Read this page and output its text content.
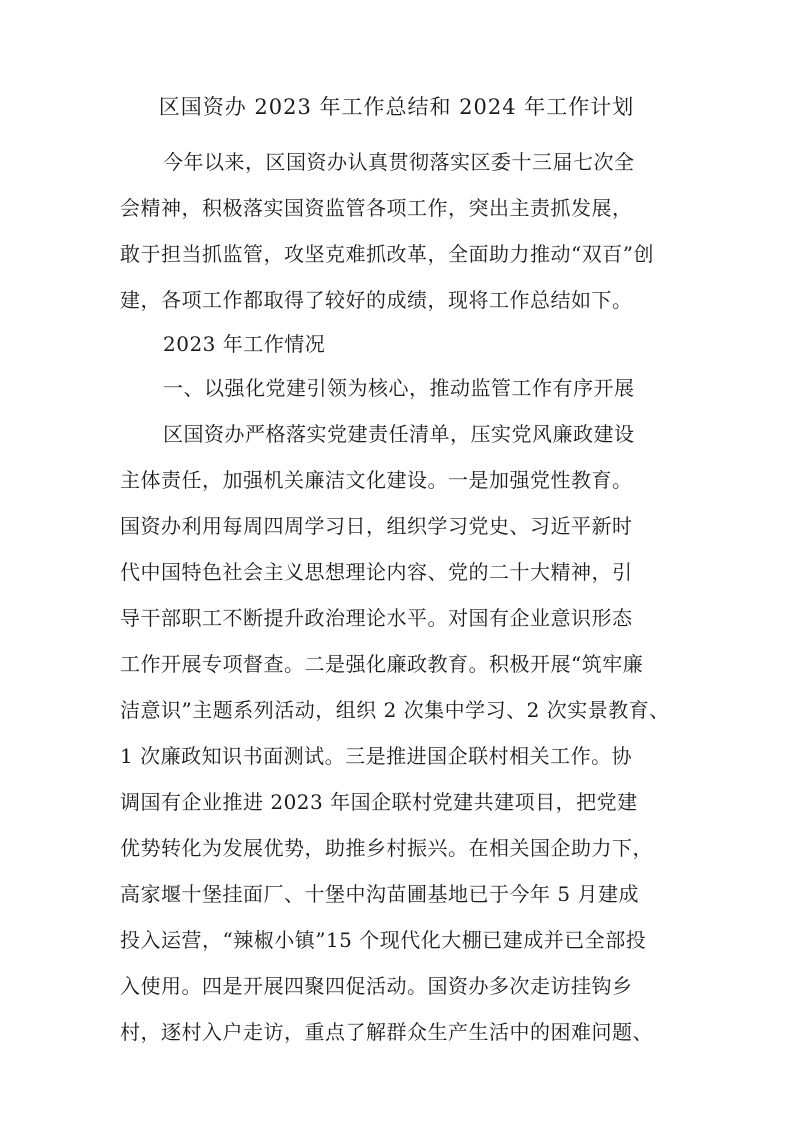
区国资办 2023 年工作总结和 2024 年工作计划
今年以来，区国资办认真贯彻落实区委十三届七次全
会精神，积极落实国资监管各项工作，突出主责抓发展，
敢于担当抓监管，攻坚克难抓改革，全面助力推动“双百”创
建，各项工作都取得了较好的成绩，现将工作总结如下。
2023 年工作情况
一、以强化党建引领为核心，推动监管工作有序开展
区国资办严格落实党建责任清单，压实党风廉政建设
主体责任，加强机关廉洁文化建设。一是加强党性教育。
国资办利用每周四周学习日，组织学习党史、习近平新时
代中国特色社会主义思想理论内容、党的二十大精神，引
导干部职工不断提升政治理论水平。对国有企业意识形态
工作开展专项督查。二是强化廉政教育。积极开展“筑牢廉
洁意识”主题系列活动，组织 2 次集中学习、2 次实景教育、
1 次廉政知识书面测试。三是推进国企联村相关工作。协
调国有企业推进 2023 年国企联村党建共建项目，把党建
优势转化为发展优势，助推乡村振兴。在相关国企助力下，
高家堰十堡挂面厂、十堡中沟苗圃基地已于今年 5 月建成
投入运营，“辣椒小镇”15 个现代化大棚已建成并已全部投
入使用。四是开展四聚四促活动。国资办多次走访挂钩乡
村，逐村入户走访，重点了解群众生产生活中的困难问题、
